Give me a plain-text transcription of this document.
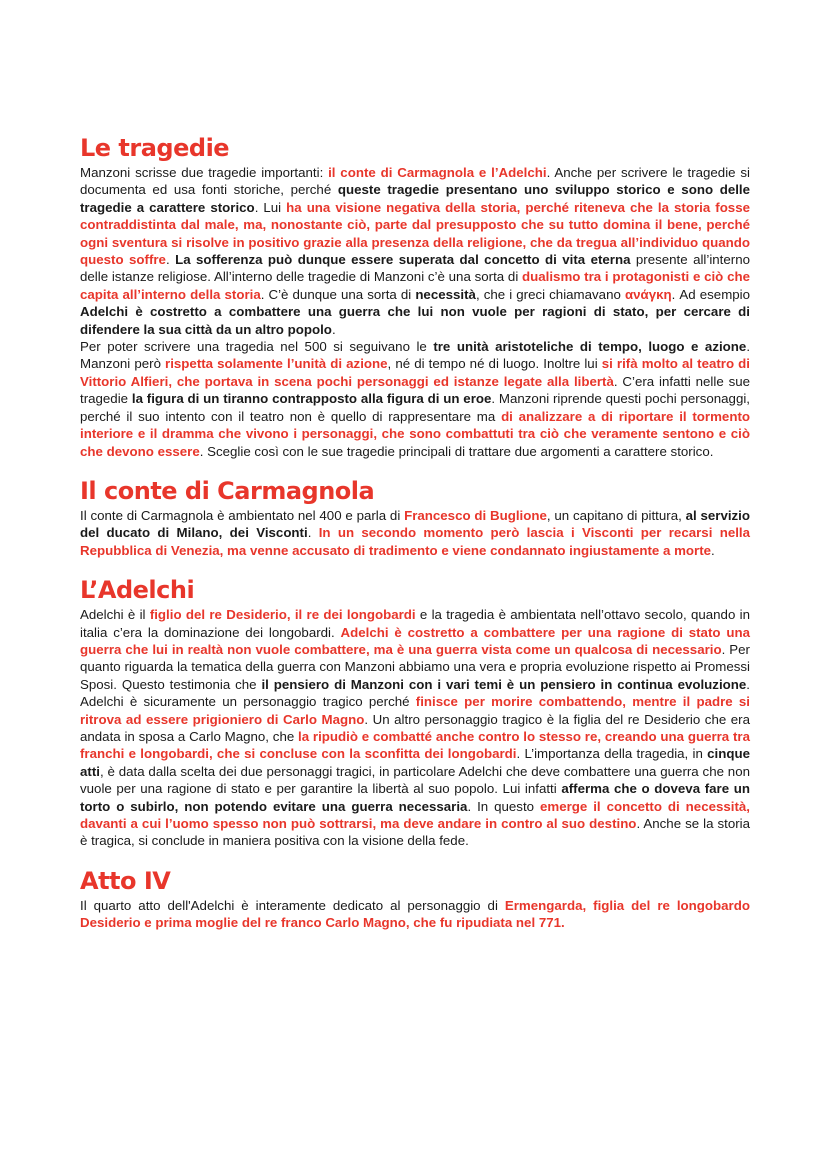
Le tragedie

Manzoni scrisse due tragedie importanti: il conte di Carmagnola e l’Adelchi. Anche per scrivere le tragedie si documenta ed usa fonti storiche, perché queste tragedie presentano uno sviluppo storico e sono delle tragedie a carattere storico. Lui ha una visione negativa della storia, perché riteneva che la storia fosse contraddistinta dal male, ma, nonostante ciò, parte dal presupposto che su tutto domina il bene, perché ogni sventura si risolve in positivo grazie alla presenza della religione, che da tregua all’individuo quando questo soffre. La sofferenza può dunque essere superata dal concetto di vita eterna presente all’interno delle istanze religiose. All’interno delle tragedie di Manzoni c’è una sorta di dualismo tra i protagonisti e ciò che capita all’interno della storia. C’è dunque una sorta di necessità, che i greci chiamavano ανάγκη. Ad esempio Adelchi è costretto a combattere una guerra che lui non vuole per ragioni di stato, per cercare di difendere la sua città da un altro popolo.

Per poter scrivere una tragedia nel 500 si seguivano le tre unità aristoteliche di tempo, luogo e azione. Manzoni però rispetta solamente l’unità di azione, né di tempo né di luogo. Inoltre lui si rifà molto al teatro di Vittorio Alfieri, che portava in scena pochi personaggi ed istanze legate alla libertà. C’era infatti nelle sue tragedie la figura di un tiranno contrapposto alla figura di un eroe. Manzoni riprende questi pochi personaggi, perché il suo intento con il teatro non è quello di rappresentare ma di analizzare a di riportare il tormento interiore e il dramma che vivono i personaggi, che sono combattuti tra ciò che veramente sentono e ciò che devono essere. Sceglie così con le sue tragedie principali di trattare due argomenti a carattere storico.

Il conte di Carmagnola

Il conte di Carmagnola è ambientato nel 400 e parla di Francesco di Buglione, un capitano di pittura, al servizio del ducato di Milano, dei Visconti. In un secondo momento però lascia i Visconti per recarsi nella Repubblica di Venezia, ma venne accusato di tradimento e viene condannato ingiustamente a morte.

L’Adelchi

Adelchi è il figlio del re Desiderio, il re dei longobardi e la tragedia è ambientata nell’ottavo secolo, quando in italia c’era la dominazione dei longobardi. Adelchi è costretto a combattere per una ragione di stato una guerra che lui in realtà non vuole combattere, ma è una guerra vista come un qualcosa di necessario. Per quanto riguarda la tematica della guerra con Manzoni abbiamo una vera e propria evoluzione rispetto ai Promessi Sposi. Questo testimonia che il pensiero di Manzoni con i vari temi è un pensiero in continua evoluzione. Adelchi è sicuramente un personaggio tragico perché finisce per morire combattendo, mentre il padre si ritrova ad essere prigioniero di Carlo Magno. Un altro personaggio tragico è la figlia del re Desiderio che era andata in sposa a Carlo Magno, che la ripudiò e combatté anche contro lo stesso re, creando una guerra tra franchi e longobardi, che si concluse con la sconfitta dei longobardi. L’importanza della tragedia, in cinque atti, è data dalla scelta dei due personaggi tragici, in particolare Adelchi che deve combattere una guerra che non vuole per una ragione di stato e per garantire la libertà al suo popolo. Lui infatti afferma che o doveva fare un torto o subirlo, non potendo evitare una guerra necessaria. In questo emerge il concetto di necessità, davanti a cui l’uomo spesso non può sottrarsi, ma deve andare in contro al suo destino. Anche se la storia è tragica, si conclude in maniera positiva con la visione della fede.

Atto IV

Il quarto atto dell'Adelchi è interamente dedicato al personaggio di Ermengarda, figlia del re longobardo Desiderio e prima moglie del re franco Carlo Magno, che fu ripudiata nel 771.
